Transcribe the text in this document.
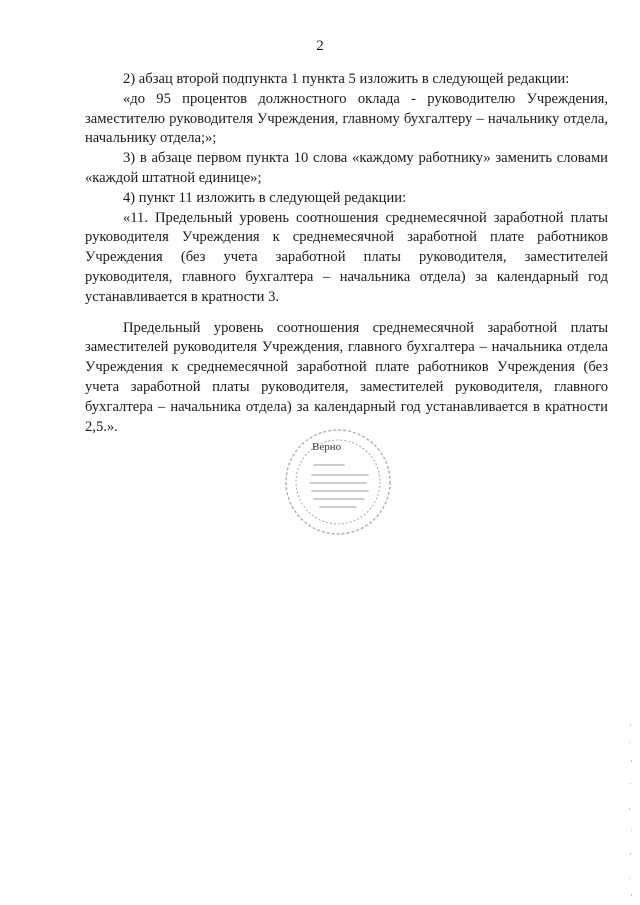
2

2) абзац второй подпункта 1 пункта 5 изложить в следующей редакции:

«до 95 процентов должностного оклада - руководителю Учреждения, заместителю руководителя Учреждения, главному бухгалтеру – начальнику отдела, начальнику отдела;»;

3) в абзаце первом пункта 10 слова «каждому работнику» заменить словами «каждой штатной единице»;

4) пункт 11 изложить в следующей редакции:

«11. Предельный уровень соотношения среднемесячной заработной платы руководителя Учреждения к среднемесячной заработной плате работников Учреждения (без учета заработной платы руководителя, заместителей руководителя, главного бухгалтера – начальника отдела) за календарный год устанавливается в кратности 3.

Предельный уровень соотношения среднемесячной заработной платы заместителей руководителя Учреждения, главного бухгалтера – начальника отдела Учреждения к среднемесячной заработной плате работников Учреждения (без учета заработной платы руководителя, заместителей руководителя, главного бухгалтера – начальника отдела) за календарный год устанавливается в кратности 2,5.».

Верно
